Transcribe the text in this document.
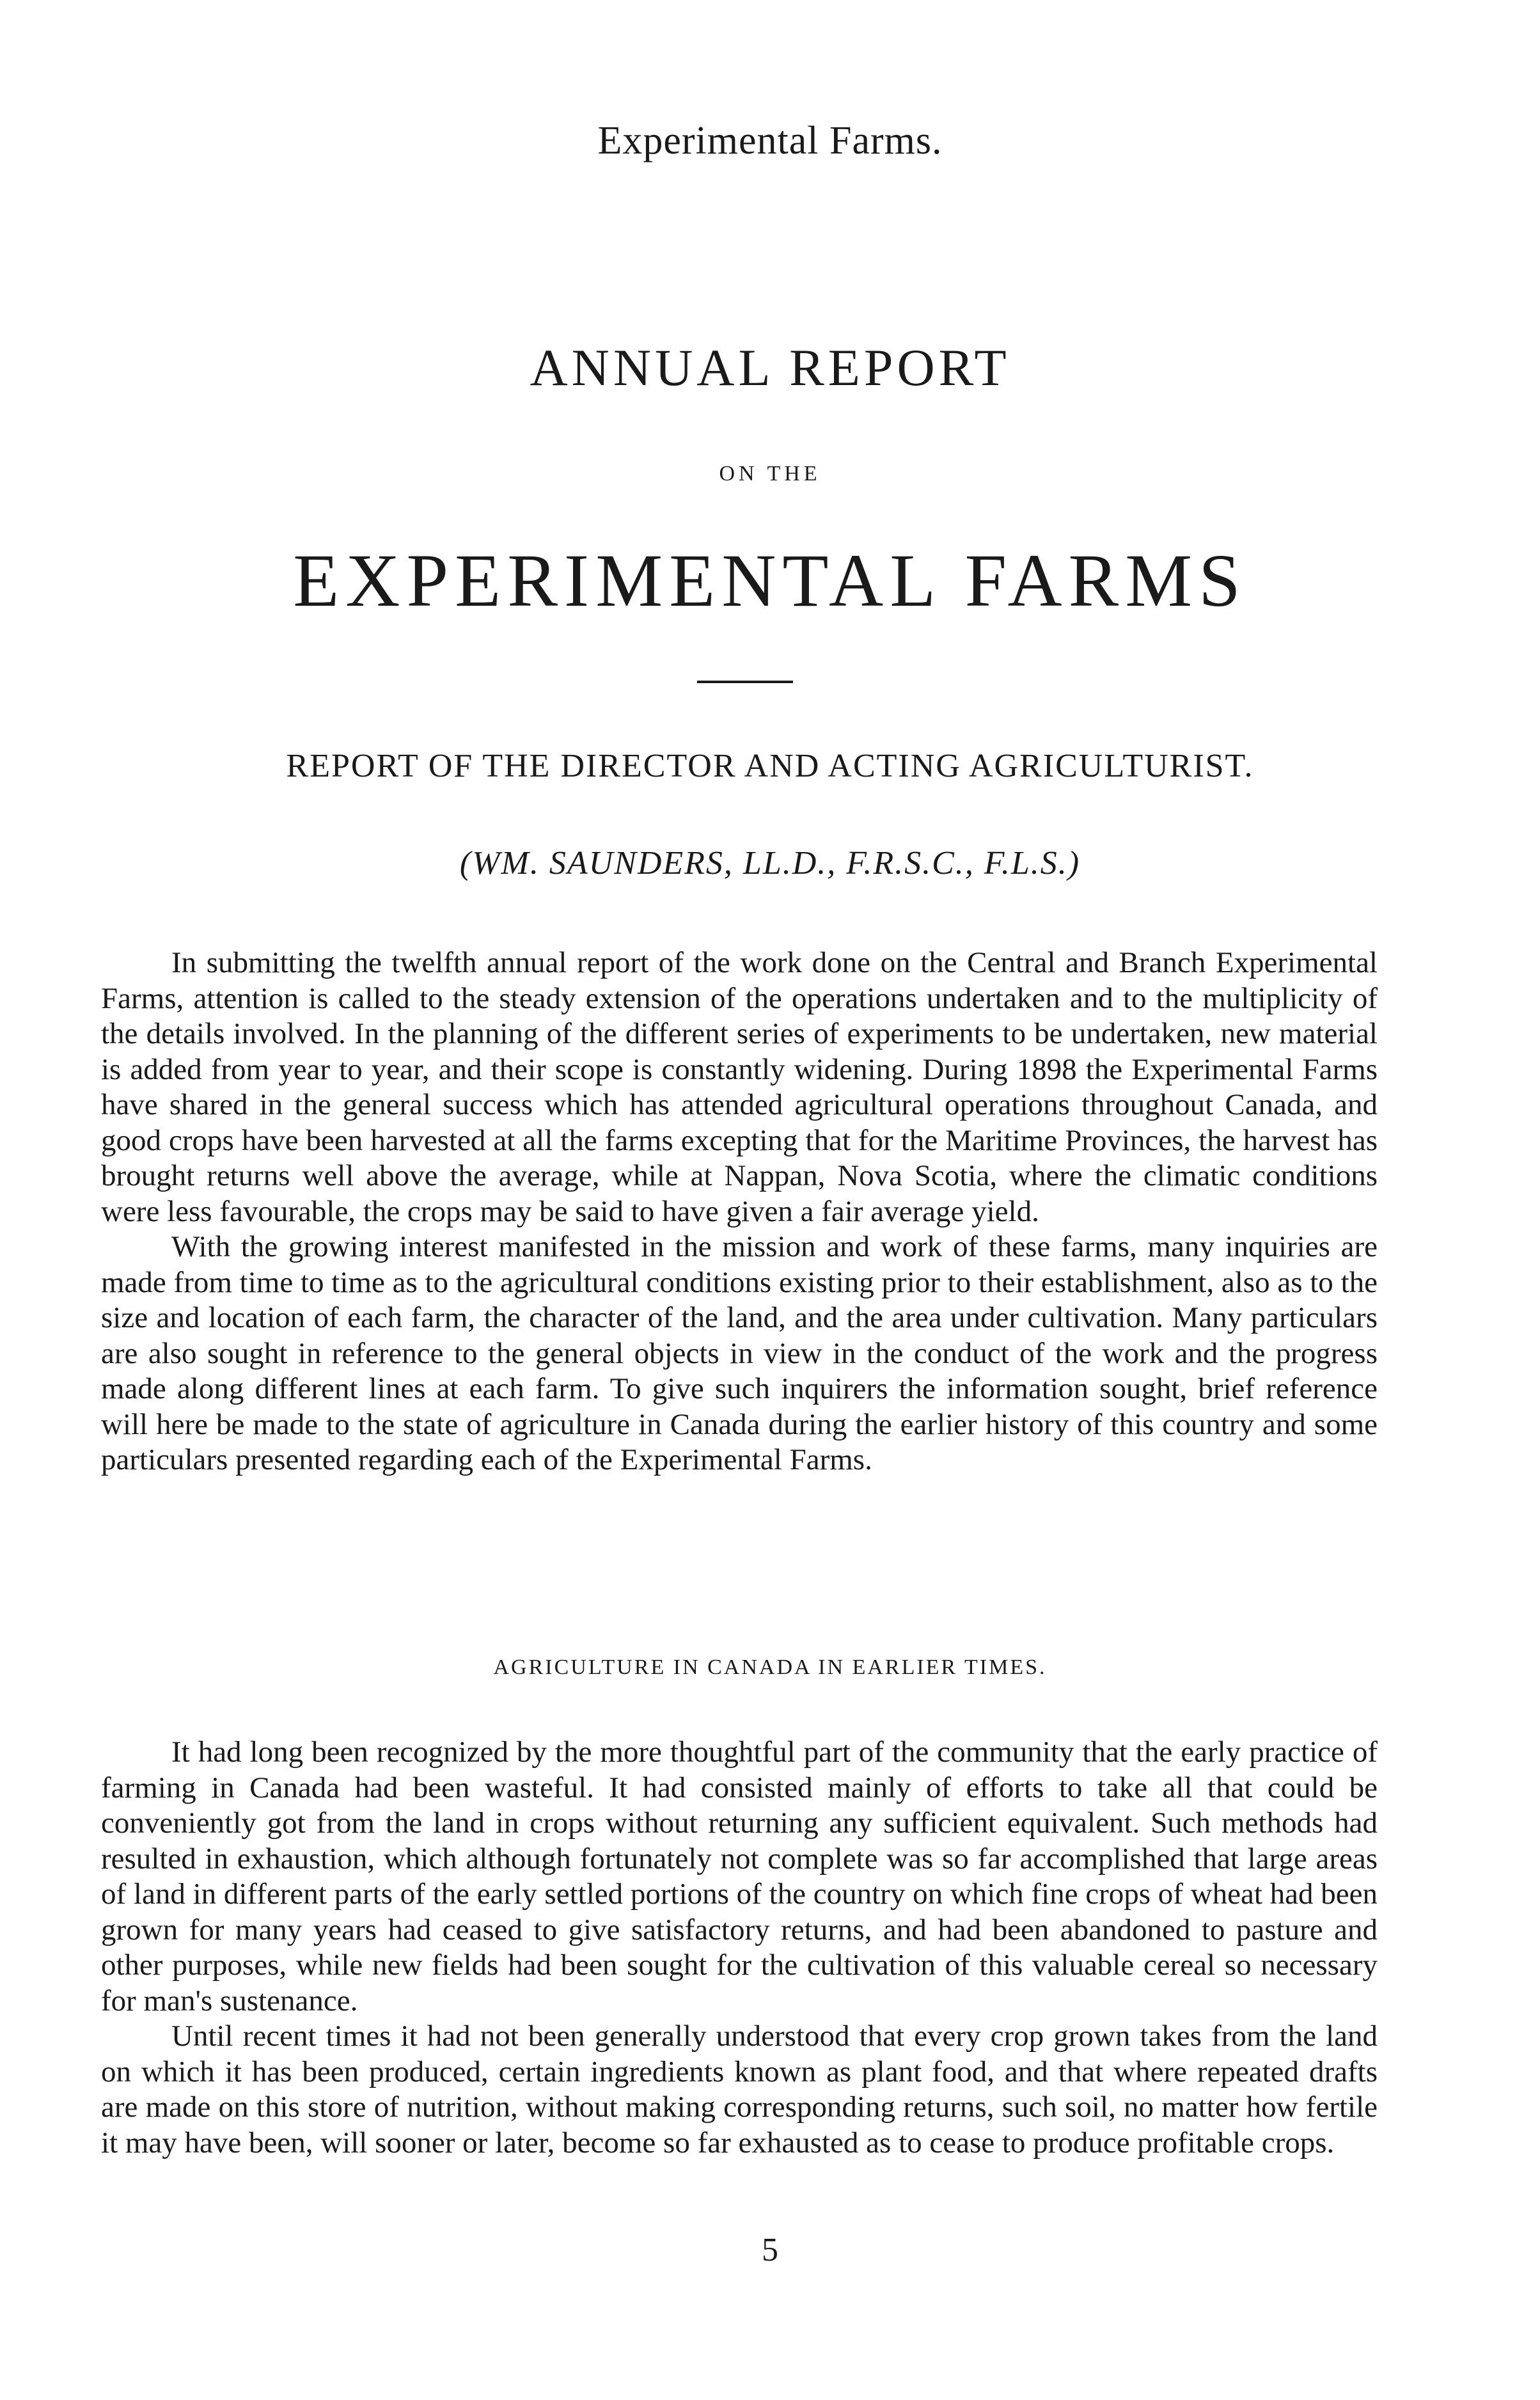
Experimental Farms.
ANNUAL REPORT
ON THE
EXPERIMENTAL FARMS
REPORT OF THE DIRECTOR AND ACTING AGRICULTURIST.
(WM. SAUNDERS, LL.D., F.R.S.C., F.L.S.)

In submitting the twelfth annual report of the work done on the Central and Branch Experimental Farms, attention is called to the steady extension of the operations undertaken and to the multiplicity of the details involved. In the planning of the different series of experiments to be undertaken, new material is added from year to year, and their scope is constantly widening. During 1898 the Experimental Farms have shared in the general success which has attended agricultural operations throughout Canada, and good crops have been harvested at all the farms excepting that for the Maritime Provinces, the harvest has brought returns well above the average, while at Nappan, Nova Scotia, where the climatic conditions were less favourable, the crops may be said to have given a fair average yield.

With the growing interest manifested in the mission and work of these farms, many inquiries are made from time to time as to the agricultural conditions existing prior to their establishment, also as to the size and location of each farm, the character of the land, and the area under cultivation. Many particulars are also sought in reference to the general objects in view in the conduct of the work and the progress made along different lines at each farm. To give such inquirers the information sought, brief reference will here be made to the state of agriculture in Canada during the earlier history of this country and some particulars presented regarding each of the Experimental Farms.

AGRICULTURE IN CANADA IN EARLIER TIMES.

It had long been recognized by the more thoughtful part of the community that the early practice of farming in Canada had been wasteful. It had consisted mainly of efforts to take all that could be conveniently got from the land in crops without returning any sufficient equivalent. Such methods had resulted in exhaustion, which although fortunately not complete was so far accomplished that large areas of land in different parts of the early settled portions of the country on which fine crops of wheat had been grown for many years had ceased to give satisfactory returns, and had been abandoned to pasture and other purposes, while new fields had been sought for the cultivation of this valuable cereal so necessary for man's sustenance.

Until recent times it had not been generally understood that every crop grown takes from the land on which it has been produced, certain ingredients known as plant food, and that where repeated drafts are made on this store of nutrition, without making corresponding returns, such soil, no matter how fertile it may have been, will sooner or later, become so far exhausted as to cease to produce profitable crops.

5
